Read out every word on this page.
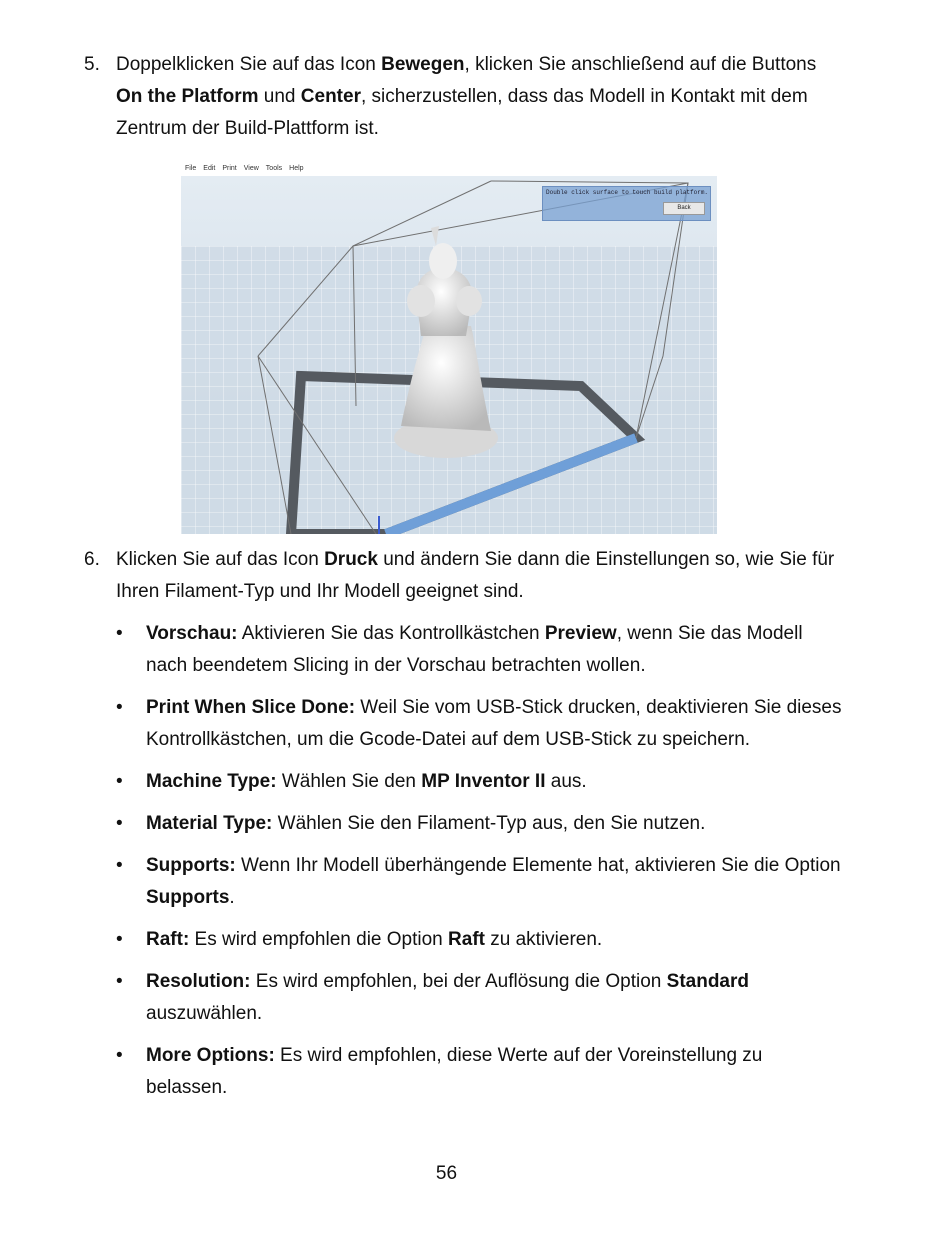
5. Doppelklicken Sie auf das Icon Bewegen, klicken Sie anschließend auf die Buttons On the Platform und Center, sicherzustellen, dass das Modell in Kontakt mit dem Zentrum der Build-Plattform ist.
File Edit Print View Tools Help
Double click surface to touch build platform.
Back
6. Klicken Sie auf das Icon Druck und ändern Sie dann die Einstellungen so, wie Sie für Ihren Filament-Typ und Ihr Modell geeignet sind.
• Vorschau: Aktivieren Sie das Kontrollkästchen Preview, wenn Sie das Modell nach beendetem Slicing in der Vorschau betrachten wollen.
• Print When Slice Done: Weil Sie vom USB-Stick drucken, deaktivieren Sie dieses Kontrollkästchen, um die Gcode-Datei auf dem USB-Stick zu speichern.
• Machine Type: Wählen Sie den MP Inventor II aus.
• Material Type: Wählen Sie den Filament-Typ aus, den Sie nutzen.
• Supports: Wenn Ihr Modell überhängende Elemente hat, aktivieren Sie die Option Supports.
• Raft: Es wird empfohlen die Option Raft zu aktivieren.
• Resolution: Es wird empfohlen, bei der Auflösung die Option Standard auszuwählen.
• More Options: Es wird empfohlen, diese Werte auf der Voreinstellung zu belassen.
56
